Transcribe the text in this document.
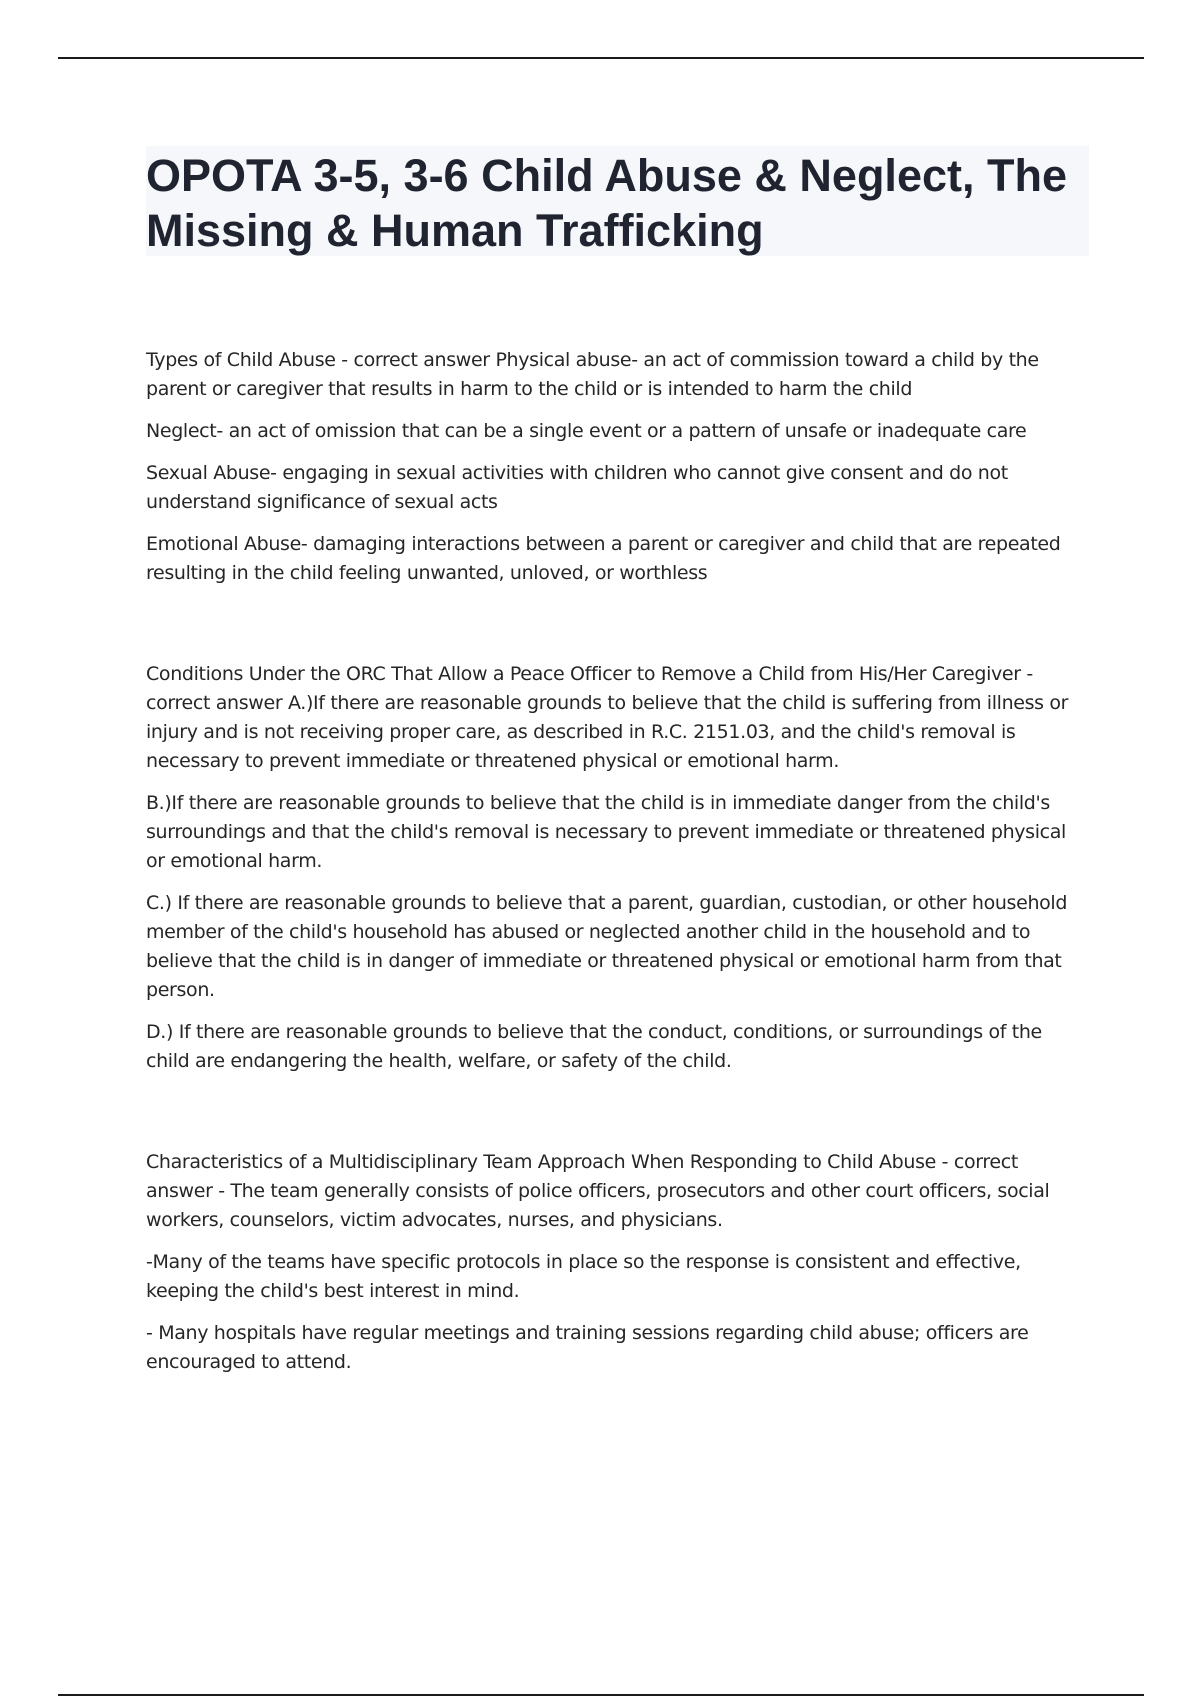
OPOTA 3-5, 3-6 Child Abuse & Neglect, The Missing & Human Trafficking

Types of Child Abuse - correct answer Physical abuse- an act of commission toward a child by the parent or caregiver that results in harm to the child or is intended to harm the child

Neglect- an act of omission that can be a single event or a pattern of unsafe or inadequate care

Sexual Abuse- engaging in sexual activities with children who cannot give consent and do not understand significance of sexual acts

Emotional Abuse- damaging interactions between a parent or caregiver and child that are repeated resulting in the child feeling unwanted, unloved, or worthless

Conditions Under the ORC That Allow a Peace Officer to Remove a Child from His/Her Caregiver - correct answer A.)If there are reasonable grounds to believe that the child is suffering from illness or injury and is not receiving proper care, as described in R.C. 2151.03, and the child's removal is necessary to prevent immediate or threatened physical or emotional harm.

B.)If there are reasonable grounds to believe that the child is in immediate danger from the child's surroundings and that the child's removal is necessary to prevent immediate or threatened physical or emotional harm.

C.) If there are reasonable grounds to believe that a parent, guardian, custodian, or other household member of the child's household has abused or neglected another child in the household and to believe that the child is in danger of immediate or threatened physical or emotional harm from that person.

D.) If there are reasonable grounds to believe that the conduct, conditions, or surroundings of the child are endangering the health, welfare, or safety of the child.

Characteristics of a Multidisciplinary Team Approach When Responding to Child Abuse - correct answer - The team generally consists of police officers, prosecutors and other court officers, social workers, counselors, victim advocates, nurses, and physicians.

-Many of the teams have specific protocols in place so the response is consistent and effective, keeping the child's best interest in mind.

- Many hospitals have regular meetings and training sessions regarding child abuse; officers are encouraged to attend.
